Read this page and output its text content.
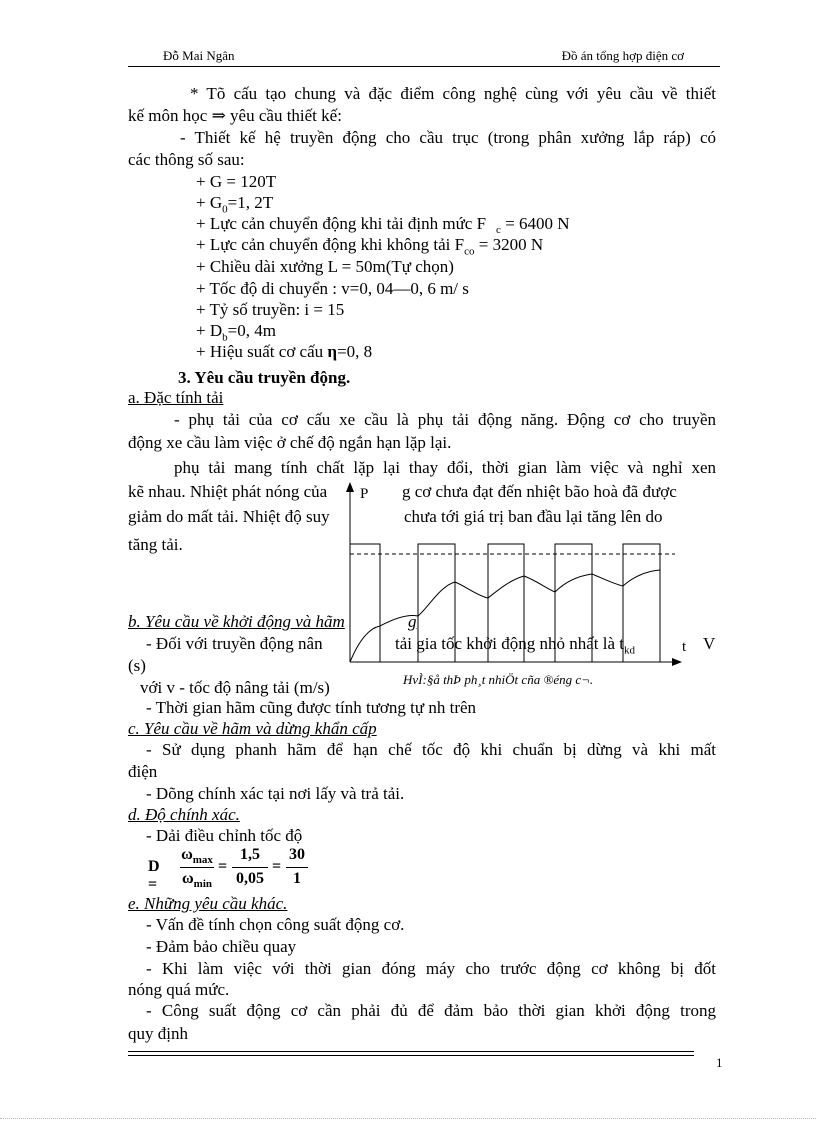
Đỗ Mai Ngân	Đồ án tổng hợp điện cơ
* Tõ cấu tạo chung và đặc điểm công nghệ cùng với yêu cầu về thiết
kế môn học ⇒ yêu cầu thiết kế:
- Thiết kế hệ truyền động cho cầu trục (trong phân xưởng lắp ráp) có
các thông số sau:
+ G = 120T
+ $G_0=1$, 2T
+ Lực cản chuyển động khi tải định mức F $_c$ = 6400 N
+ Lực cản chuyển động khi không tải $F_{co} = 3200$ N
+ Chiều dài xưởng L = 50m(Tự chọn)
+ Tốc độ di chuyển : v=0, 04—0, 6 m/ s
+ Tỷ số truyền: i = 15
+ $D_b=0$, 4m
+ Hiệu suất cơ cấu η=0, 8
3. Yêu cầu truyền động.
a. Đặc tính tải
- phụ tải của cơ cấu xe cầu là phụ tải động năng. Động cơ cho truyền
động xe cầu làm việc ở chế độ ngắn hạn lặp lại.
phụ tải mang tính chất lặp lại thay đổi, thời gian làm việc và nghỉ xen
kẽ nhau. Nhiệt phát nóng của	g cơ chưa đạt đến nhiệt bão hoà đã được
giảm do mất tải. Nhiệt độ suy	chưa tới giá trị ban đầu lại tăng lên do
tăng tải.
P
t
HvÌ:§å thÞ ph¸t nhiÖt cña ®éng c¬.
b. Yêu cầu về khởi động và hãm	g
- Đối với truyền động nân	tải gia tốc khởi động nhỏ nhất là $t_{kd}$	V
(s)
với v - tốc độ nâng tải (m/s)
- Thời gian hãm cũng được tính tương tự nh trên
c. Yêu cầu về hãm và dừng khẩn cấp
- Sử dụng phanh hãm để hạn chế tốc độ khi chuẩn bị dừng và khi mất
điện
- Dõng chính xác tại nơi lấy và trả tải.
d. Độ chính xác.
- Dải điều chỉnh tốc độ
D =
$\omega_{max}$
$\omega_{min}$
=
1,5
0,05
=
30
1
e. Những yêu cầu khác.
- Vấn đề tính chọn công suất động cơ.
- Đảm bảo chiều quay
- Khi làm việc với thời gian đóng máy cho trước động cơ không bị đốt
nóng quá mức.
- Công suất động cơ cần phải đủ để đảm bảo thời gian khởi động trong
quy định
1
